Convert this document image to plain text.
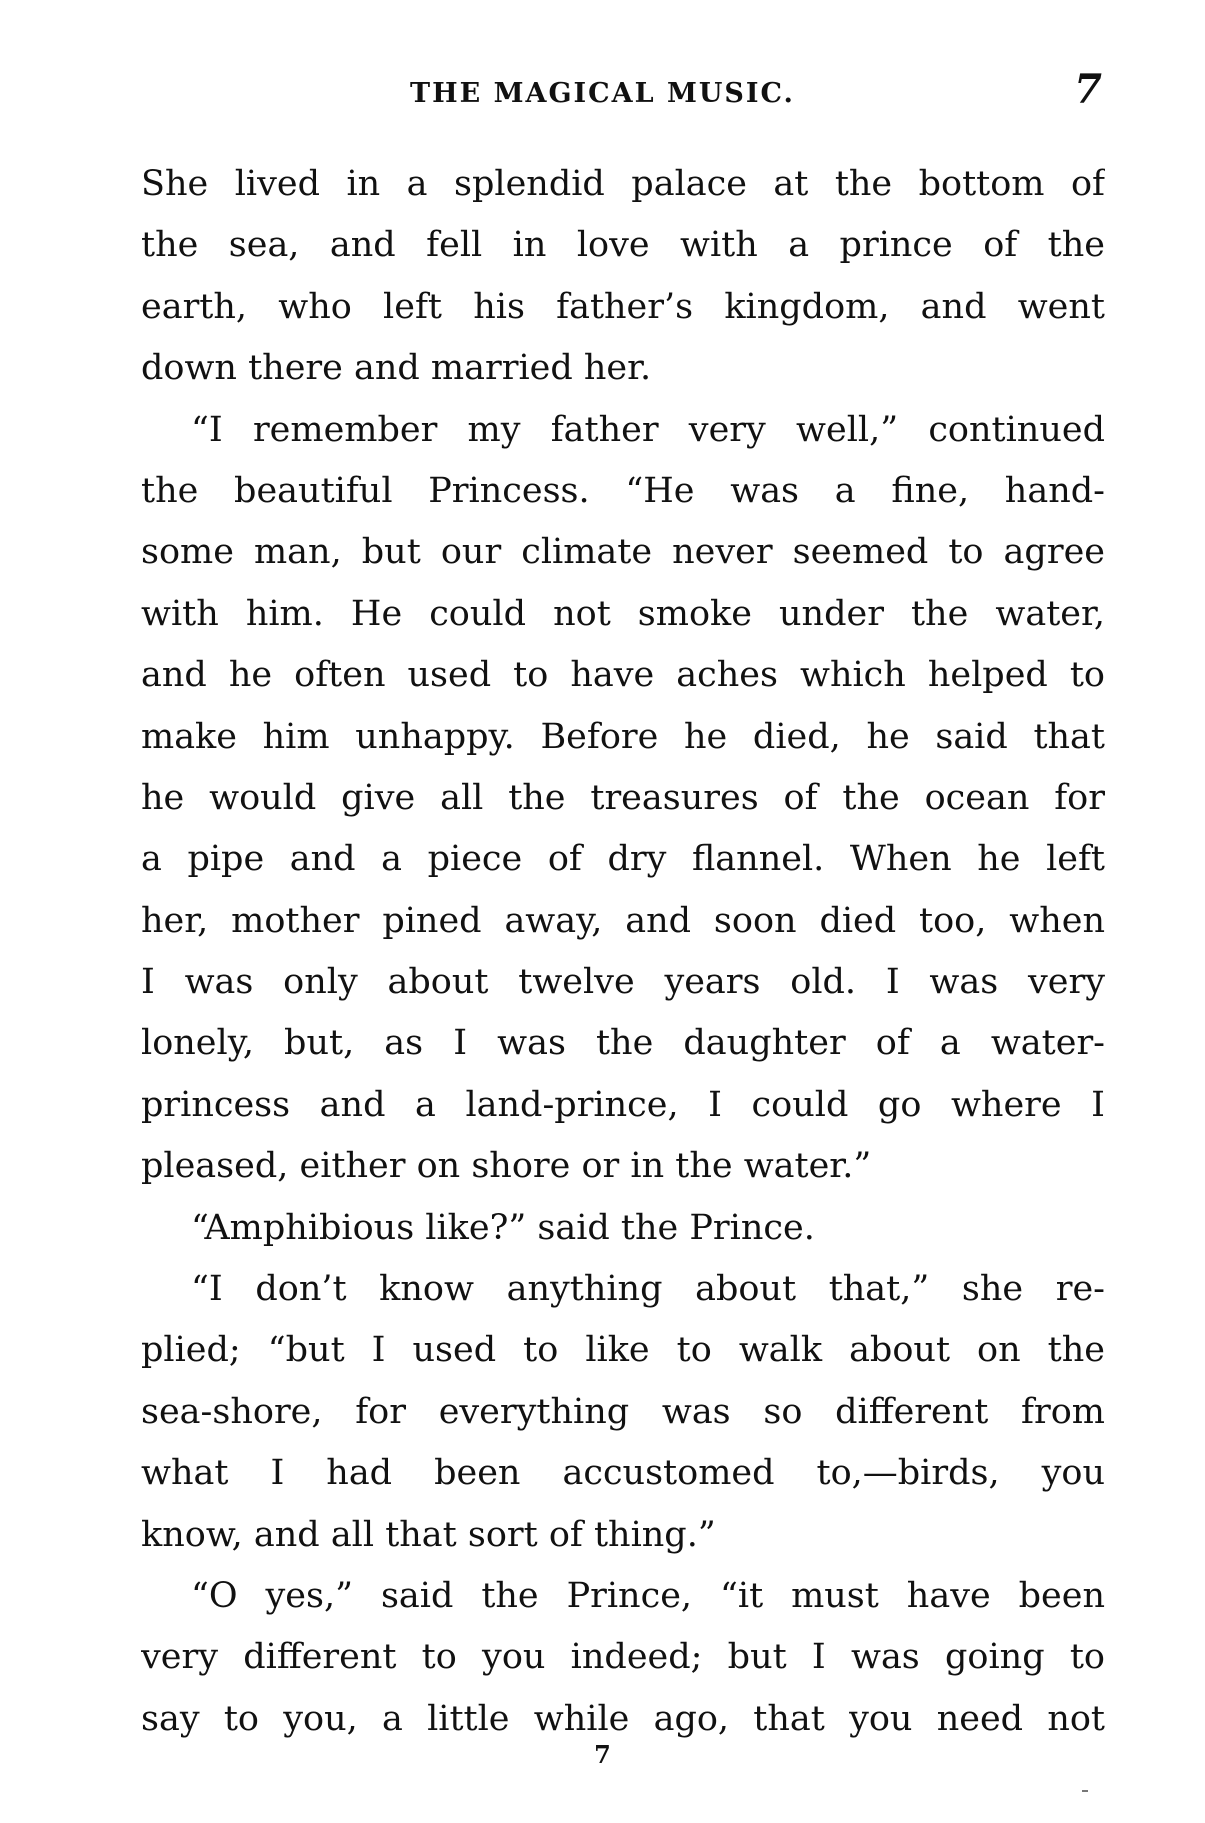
THE MAGICAL MUSIC.	7
She lived in a splendid palace at the bottom of
the sea, and fell in love with a prince of the
earth, who left his father’s kingdom, and went
down there and married her.
“I remember my father very well,” continued
the beautiful Princess. “He was a fine, hand-
some man, but our climate never seemed to agree
with him. He could not smoke under the water,
and he often used to have aches which helped to
make him unhappy. Before he died, he said that
he would give all the treasures of the ocean for
a pipe and a piece of dry flannel. When he left
her, mother pined away, and soon died too, when
I was only about twelve years old. I was very
lonely, but, as I was the daughter of a water-
princess and a land-prince, I could go where I
pleased, either on shore or in the water.”
“Amphibious like?” said the Prince.
“I don’t know anything about that,” she re-
plied; “but I used to like to walk about on the
sea-shore, for everything was so different from
what I had been accustomed to,—birds, you
know, and all that sort of thing.”
“O yes,” said the Prince, “it must have been
very different to you indeed; but I was going to
say to you, a little while ago, that you need not
7
